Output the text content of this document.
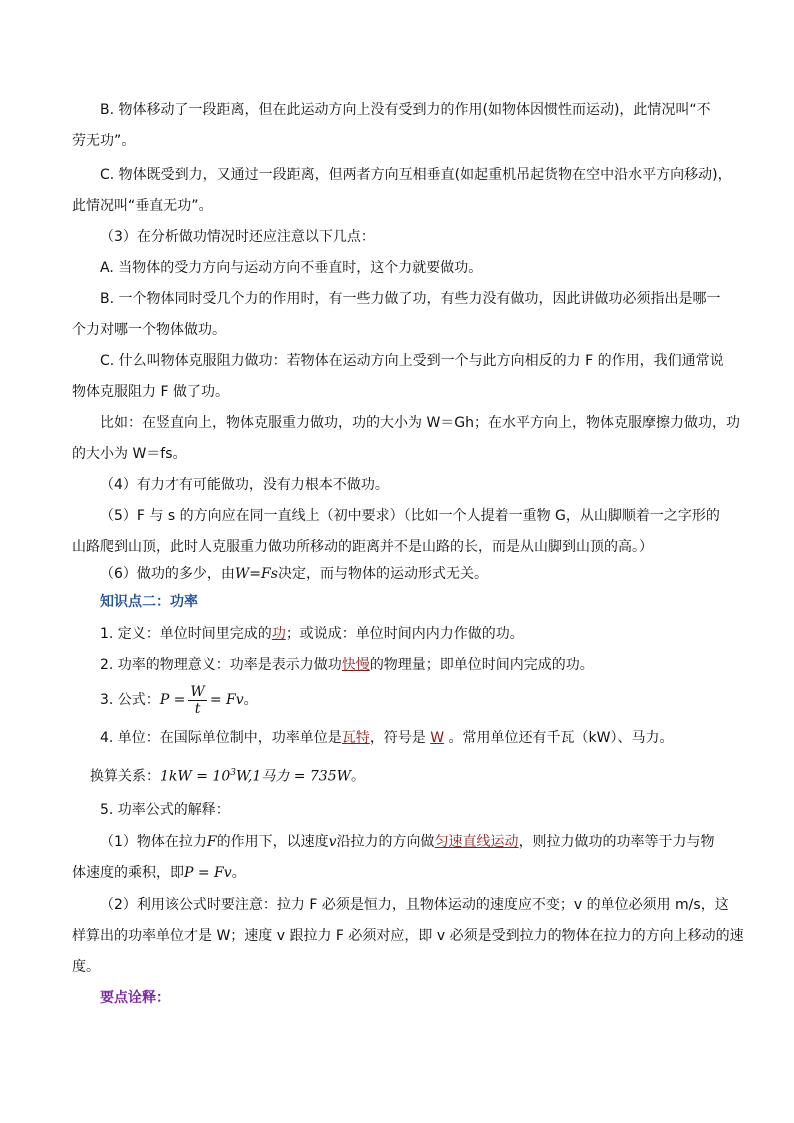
B. 物体移动了一段距离，但在此运动方向上没有受到力的作用(如物体因惯性而运动)，此情况叫“不
劳无功”。
C. 物体既受到力，又通过一段距离，但两者方向互相垂直(如起重机吊起货物在空中沿水平方向移动)，
此情况叫“垂直无功”。
（3）在分析做功情况时还应注意以下几点：
A. 当物体的受力方向与运动方向不垂直时，这个力就要做功。
B. 一个物体同时受几个力的作用时，有一些力做了功，有些力没有做功，因此讲做功必须指出是哪一
个力对哪一个物体做功。
C. 什么叫物体克服阻力做功：若物体在运动方向上受到一个与此方向相反的力 F 的作用，我们通常说
物体克服阻力 F 做了功。
比如：在竖直向上，物体克服重力做功，功的大小为 W＝Gh；在水平方向上，物体克服摩擦力做功，功
的大小为 W＝fs。
（4）有力才有可能做功，没有力根本不做功。
（5）F 与 s 的方向应在同一直线上（初中要求）（比如一个人提着一重物 G，从山脚顺着一之字形的
山路爬到山顶，此时人克服重力做功所移动的距离并不是山路的长，而是从山脚到山顶的高。）
（6）做功的多少，由W=Fs决定，而与物体的运动形式无关。
知识点二：功率
1. 定义：单位时间里完成的功；或说成：单位时间内内力作做的功。
2. 功率的物理意义：功率是表示力做功快慢的物理量；即单位时间内完成的功。
3. 公式：$P = \frac{W}{t} = Fv$。
4. 单位：在国际单位制中，功率单位是瓦特，符号是 W 。常用单位还有千瓦（kW）、马力。
换算关系：$1kW = 10^3W,1$马力 = 735W。
5. 功率公式的解释：
（1）物体在拉力F的作用下，以速度v沿拉力的方向做匀速直线运动，则拉力做功的功率等于力与物
体速度的乘积，即P = Fv。
（2）利用该公式时要注意：拉力 F 必须是恒力，且物体运动的速度应不变；v 的单位必须用 m/s，这
样算出的功率单位才是 W；速度 v 跟拉力 F 必须对应，即 v 必须是受到拉力的物体在拉力的方向上移动的速
度。
要点诠释：
